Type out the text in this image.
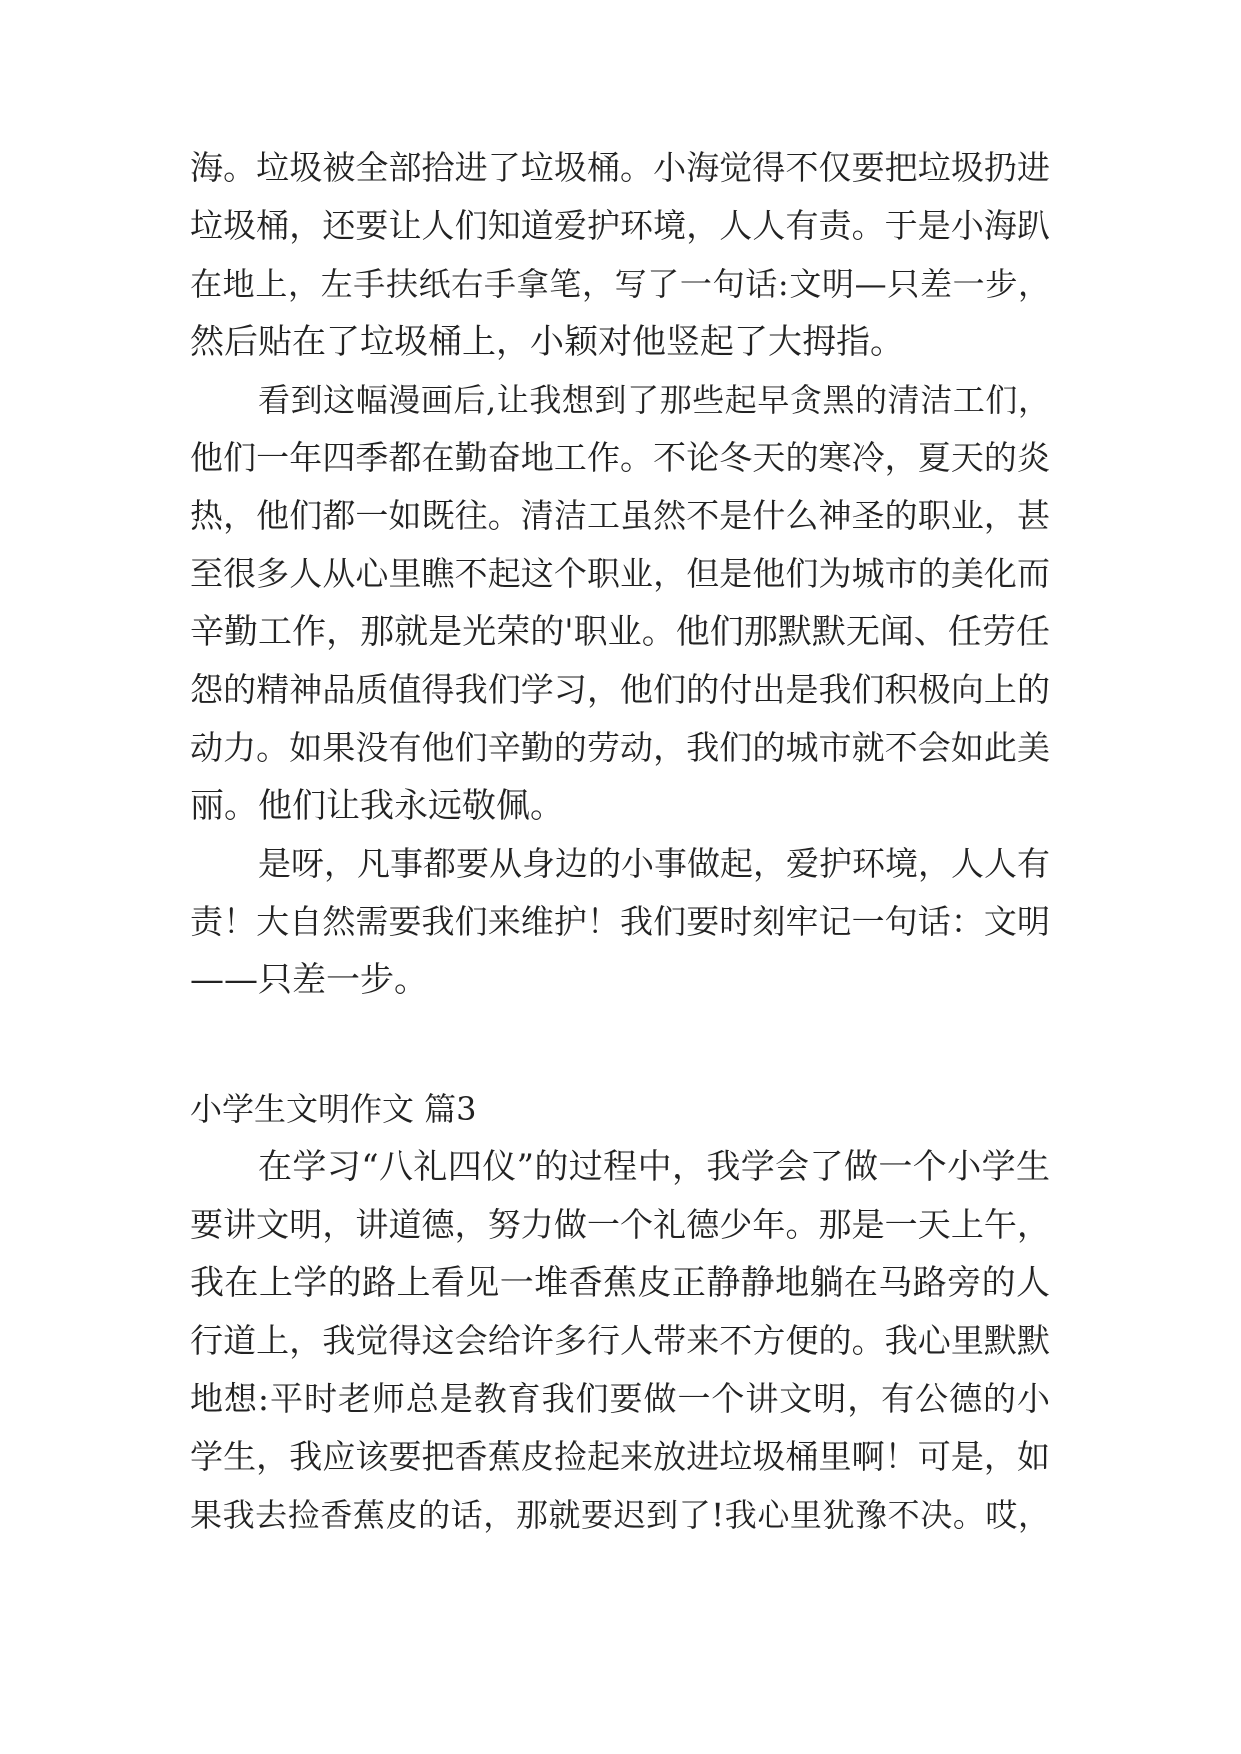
海。垃圾被全部拾进了垃圾桶。小海觉得不仅要把垃圾扔进
垃圾桶，还要让人们知道爱护环境，人人有责。于是小海趴
在地上，左手扶纸右手拿笔，写了一句话:文明—只差一步，
然后贴在了垃圾桶上，小颖对他竖起了大拇指。
看到这幅漫画后,让我想到了那些起早贪黑的清洁工们，
他们一年四季都在勤奋地工作。不论冬天的寒冷，夏天的炎
热，他们都一如既往。清洁工虽然不是什么神圣的职业，甚
至很多人从心里瞧不起这个职业，但是他们为城市的美化而
辛勤工作，那就是光荣的'职业。他们那默默无闻、任劳任
怨的精神品质值得我们学习，他们的付出是我们积极向上的
动力。如果没有他们辛勤的劳动，我们的城市就不会如此美
丽。他们让我永远敬佩。
是呀，凡事都要从身边的小事做起，爱护环境，人人有
责！大自然需要我们来维护！我们要时刻牢记一句话：文明
——只差一步。
小学生文明作文 篇3
在学习“八礼四仪”的过程中，我学会了做一个小学生
要讲文明，讲道德，努力做一个礼德少年。那是一天上午，
我在上学的路上看见一堆香蕉皮正静静地躺在马路旁的人
行道上，我觉得这会给许多行人带来不方便的。我心里默默
地想:平时老师总是教育我们要做一个讲文明，有公德的小
学生，我应该要把香蕉皮捡起来放进垃圾桶里啊！可是，如
果我去捡香蕉皮的话，那就要迟到了!我心里犹豫不决。哎，
